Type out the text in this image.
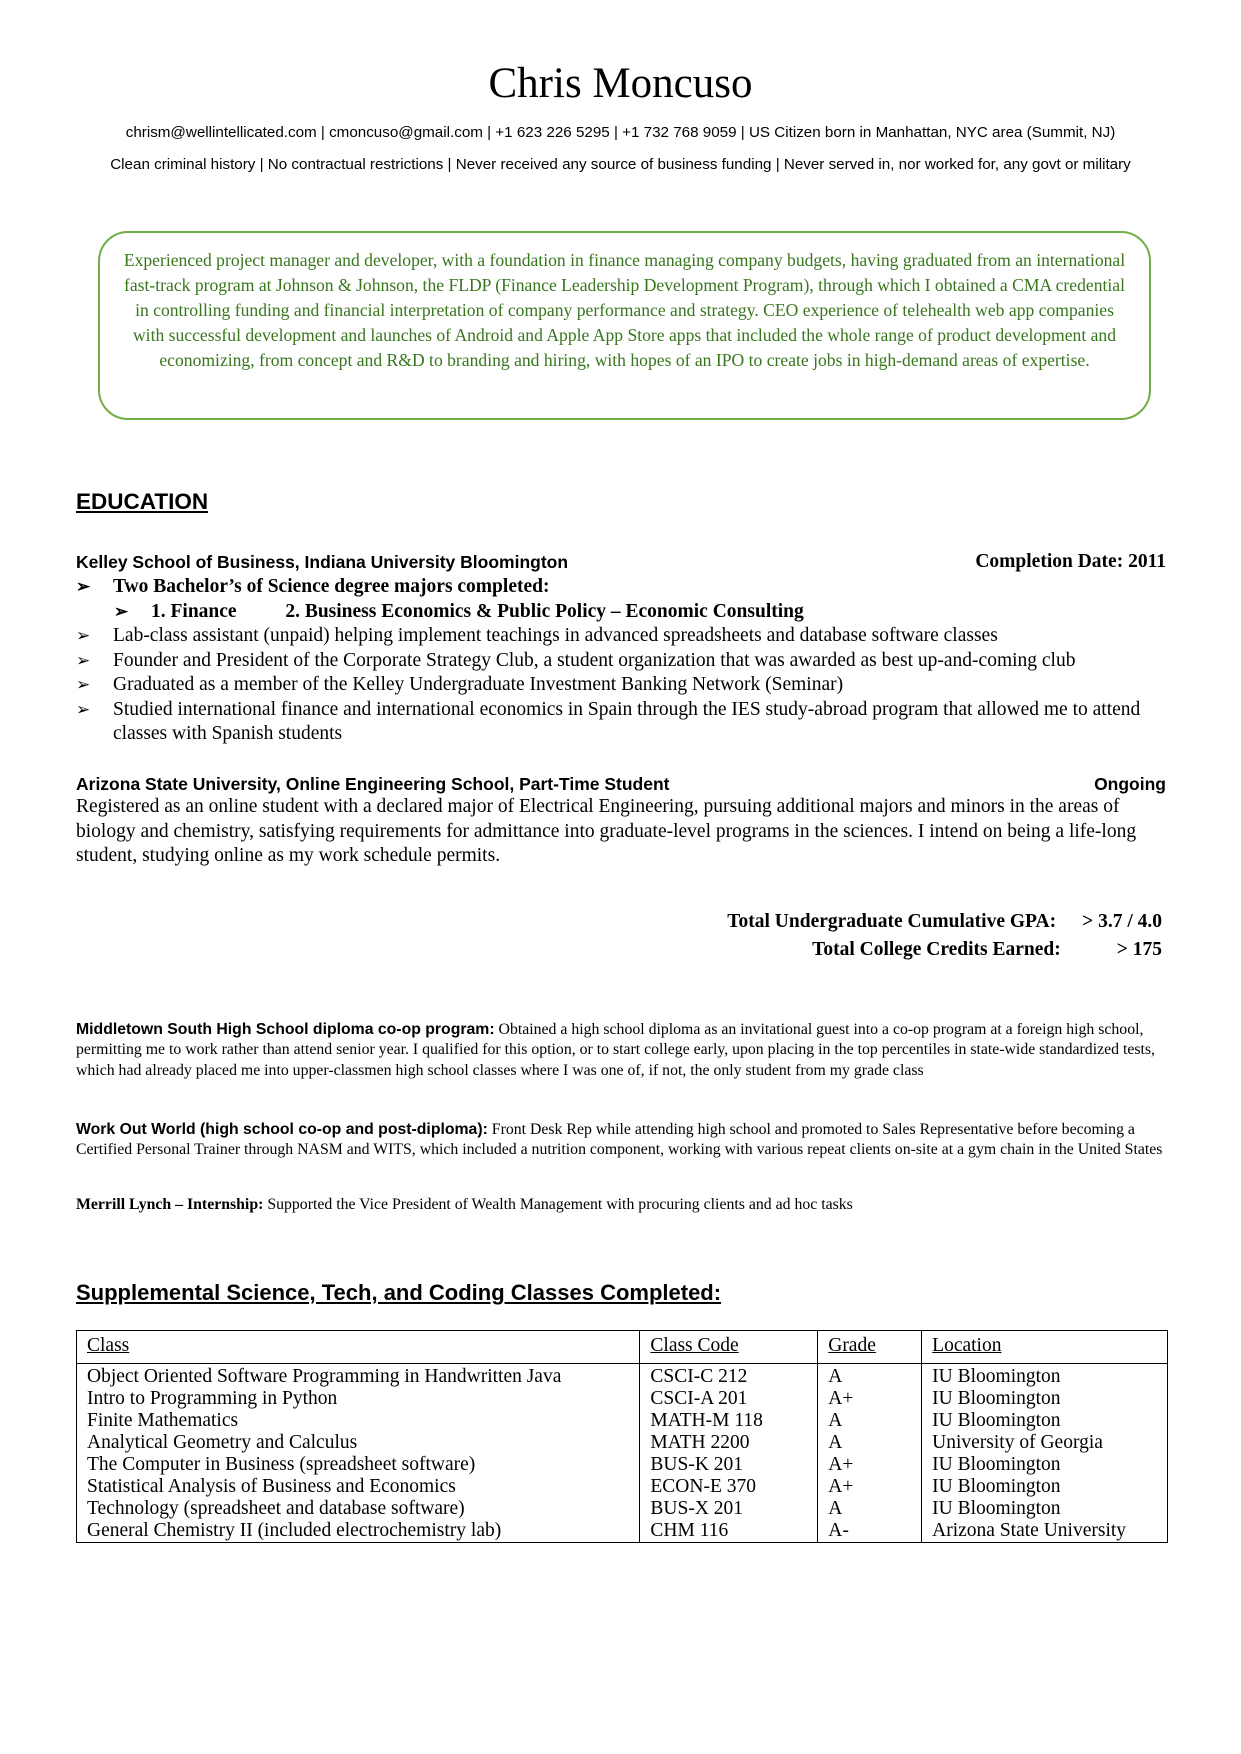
Chris Moncuso
chrism@wellintellicated.com | cmoncuso@gmail.com | +1 623 226 5295 | +1 732 768 9059 | US Citizen born in Manhattan, NYC area (Summit, NJ)
Clean criminal history | No contractual restrictions | Never received any source of business funding | Never served in, nor worked for, any govt or military
Experienced project manager and developer, with a foundation in finance managing company budgets, having graduated from an international fast-track program at Johnson & Johnson, the FLDP (Finance Leadership Development Program), through which I obtained a CMA credential in controlling funding and financial interpretation of company performance and strategy. CEO experience of telehealth web app companies with successful development and launches of Android and Apple App Store apps that included the whole range of product development and economizing, from concept and R&D to branding and hiring, with hopes of an IPO to create jobs in high-demand areas of expertise.
EDUCATION
Kelley School of Business, Indiana University Bloomington	Completion Date: 2011
➢ Two Bachelor’s of Science degree majors completed:
➢ 1. Finance          2. Business Economics & Public Policy – Economic Consulting
➢ Lab-class assistant (unpaid) helping implement teachings in advanced spreadsheets and database software classes
➢ Founder and President of the Corporate Strategy Club, a student organization that was awarded as best up-and-coming club
➢ Graduated as a member of the Kelley Undergraduate Investment Banking Network (Seminar)
➢ Studied international finance and international economics in Spain through the IES study-abroad program that allowed me to attend classes with Spanish students
Arizona State University, Online Engineering School, Part-Time Student	Ongoing
Registered as an online student with a declared major of Electrical Engineering, pursuing additional majors and minors in the areas of biology and chemistry, satisfying requirements for admittance into graduate-level programs in the sciences. I intend on being a life-long student, studying online as my work schedule permits.
Total Undergraduate Cumulative GPA: > 3.7 / 4.0
Total College Credits Earned:	> 175
Middletown South High School diploma co-op program: Obtained a high school diploma as an invitational guest into a co-op program at a foreign high school, permitting me to work rather than attend senior year. I qualified for this option, or to start college early, upon placing in the top percentiles in state-wide standardized tests, which had already placed me into upper-classmen high school classes where I was one of, if not, the only student from my grade class
Work Out World (high school co-op and post-diploma): Front Desk Rep while attending high school and promoted to Sales Representative before becoming a Certified Personal Trainer through NASM and WITS, which included a nutrition component, working with various repeat clients on-site at a gym chain in the United States
Merrill Lynch – Internship: Supported the Vice President of Wealth Management with procuring clients and ad hoc tasks
Supplemental Science, Tech, and Coding Classes Completed:
Class	Class Code	Grade	Location
Object Oriented Software Programming in Handwritten Java	CSCI-C 212	A	IU Bloomington
Intro to Programming in Python	CSCI-A 201	A+	IU Bloomington
Finite Mathematics	MATH-M 118	A	IU Bloomington
Analytical Geometry and Calculus	MATH 2200	A	University of Georgia
The Computer in Business (spreadsheet software)	BUS-K 201	A+	IU Bloomington
Statistical Analysis of Business and Economics	ECON-E 370	A+	IU Bloomington
Technology (spreadsheet and database software)	BUS-X 201	A	IU Bloomington
General Chemistry II (included electrochemistry lab)	CHM 116	A-	Arizona State University
